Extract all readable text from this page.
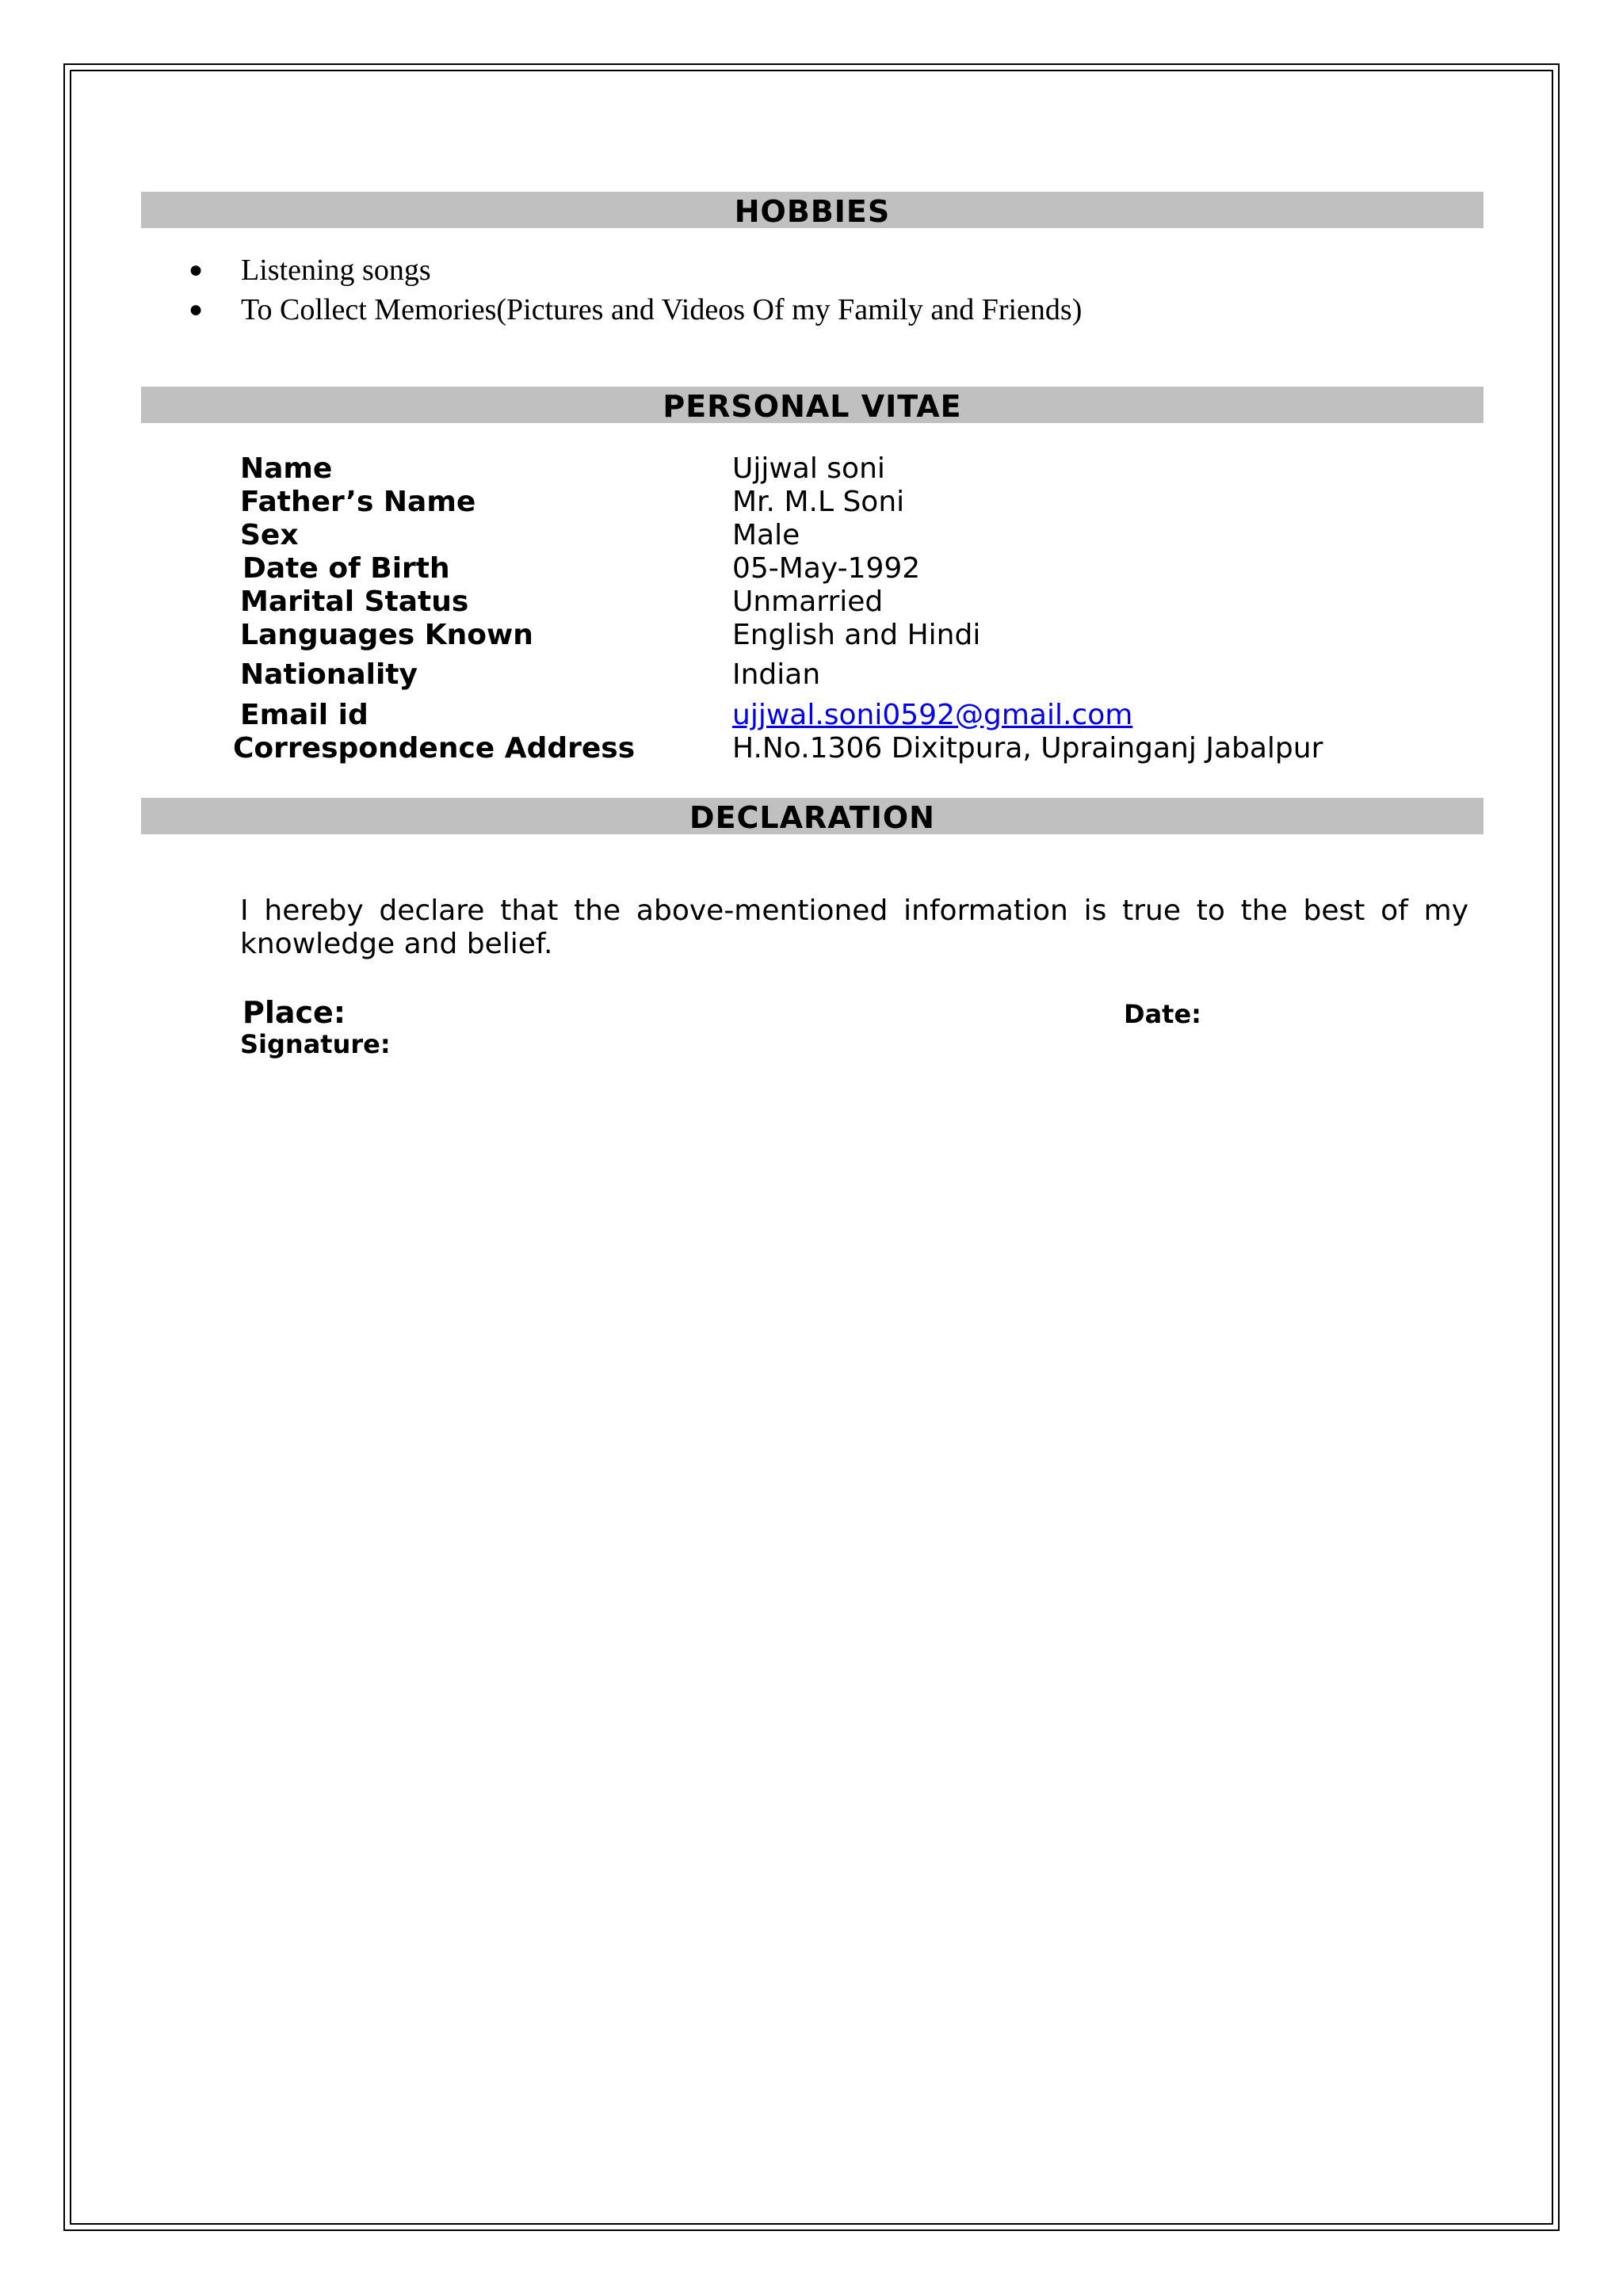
HOBBIES
● Listening songs
● To Collect Memories(Pictures and Videos Of my Family and Friends)
PERSONAL VITAE
Name	Ujjwal soni
Father’s Name	Mr. M.L Soni
Sex	Male
Date of Birth	05-May-1992
Marital Status	Unmarried
Languages Known	English and Hindi
Nationality	Indian
Email id	ujjwal.soni0592@gmail.com
Correspondence Address	H.No.1306 Dixitpura, Uprainganj Jabalpur
DECLARATION
I hereby declare that the above-mentioned information is true to the best of my knowledge and belief.
Place:	Date:
Signature:
